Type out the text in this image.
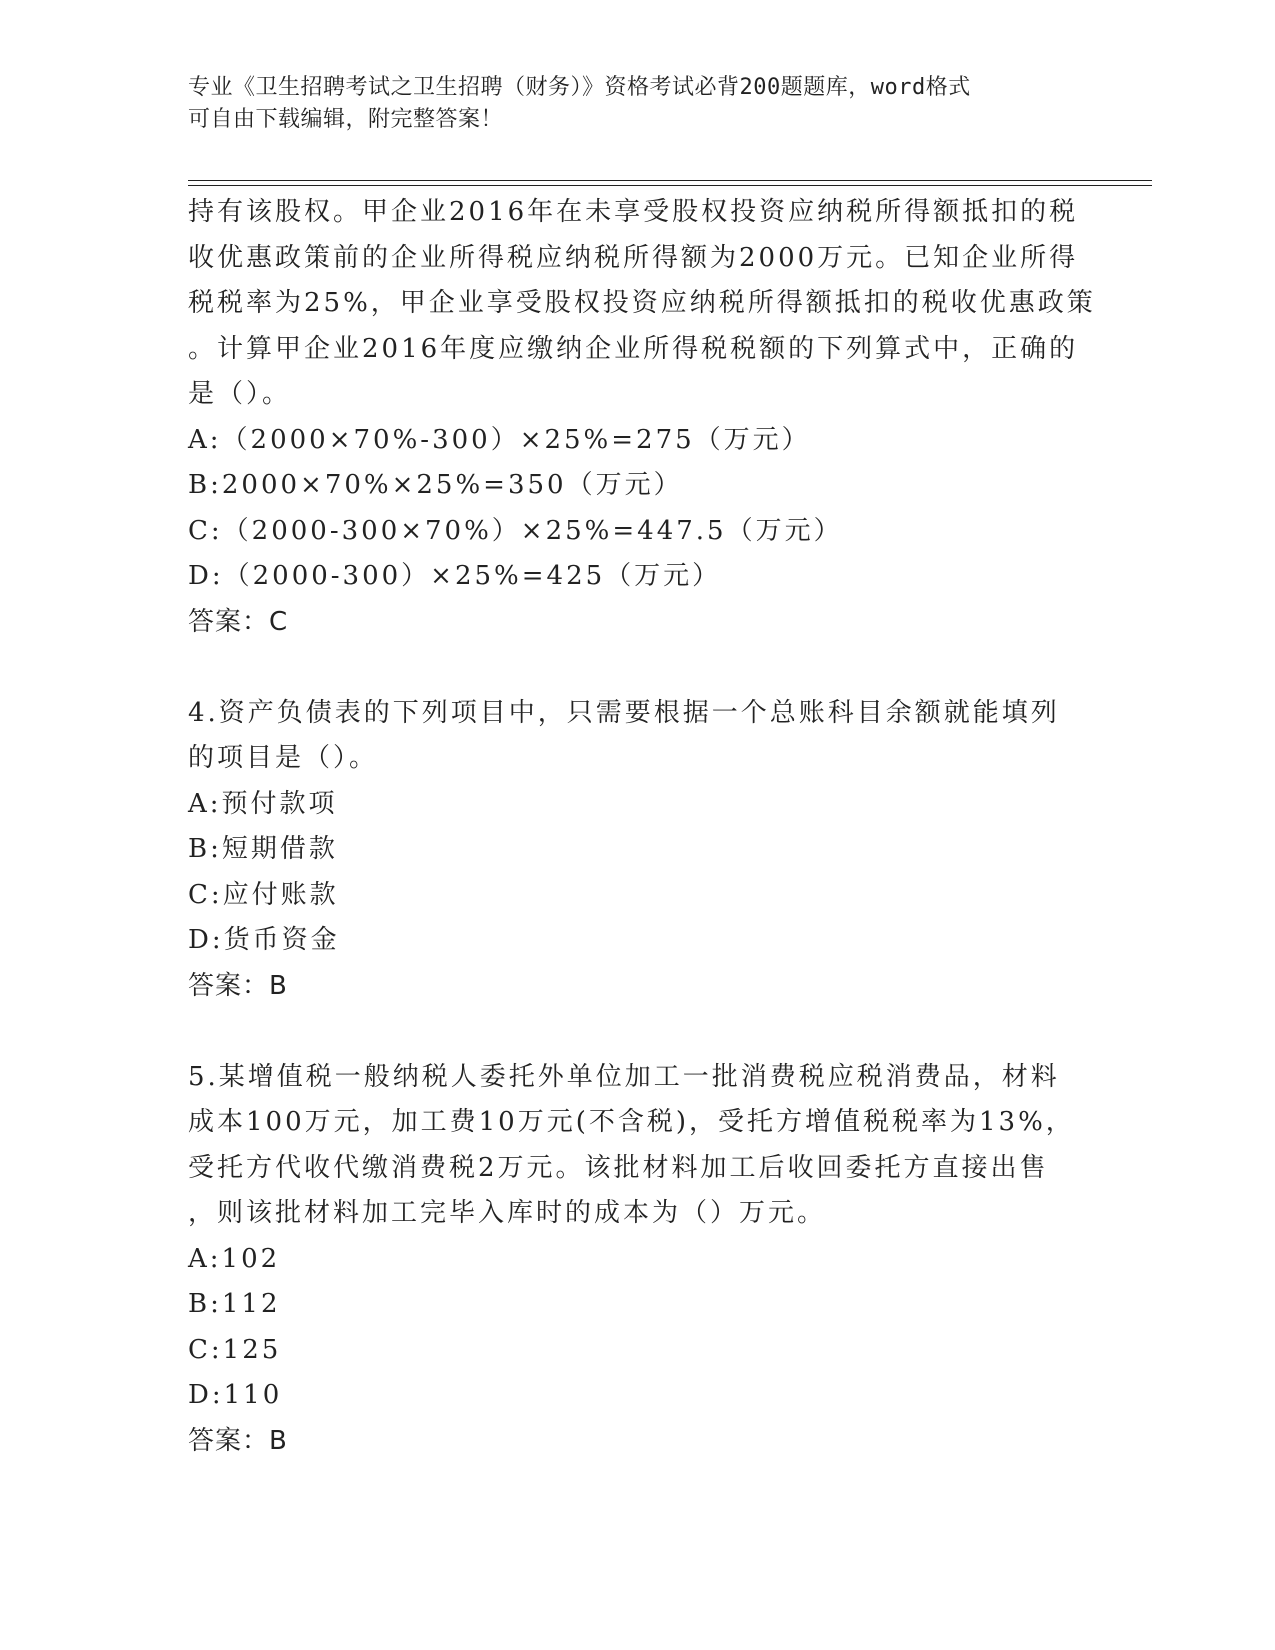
专业《卫生招聘考试之卫生招聘（财务）》资格考试必背200题题库，word格式

可自由下载编辑，附完整答案！

持有该股权。甲企业2016年在未享受股权投资应纳税所得额抵扣的税
收优惠政策前的企业所得税应纳税所得额为2000万元。已知企业所得
税税率为25%，甲企业享受股权投资应纳税所得额抵扣的税收优惠政策
。计算甲企业2016年度应缴纳企业所得税税额的下列算式中，正确的
是（）。
A:（2000×70%-300）×25%=275（万元）
B:2000×70%×25%=350（万元）
C:（2000-300×70%）×25%=447.5（万元）
D:（2000-300）×25%=425（万元）
答案：C
4.资产负债表的下列项目中，只需要根据一个总账科目余额就能填列
的项目是（）。
A:预付款项
B:短期借款
C:应付账款
D:货币资金
答案：B
5.某增值税一般纳税人委托外单位加工一批消费税应税消费品，材料
成本100万元，加工费10万元(不含税)，受托方增值税税率为13%，
受托方代收代缴消费税2万元。该批材料加工后收回委托方直接出售
，则该批材料加工完毕入库时的成本为（）万元。
A:102
B:112
C:125
D:110
答案：B
